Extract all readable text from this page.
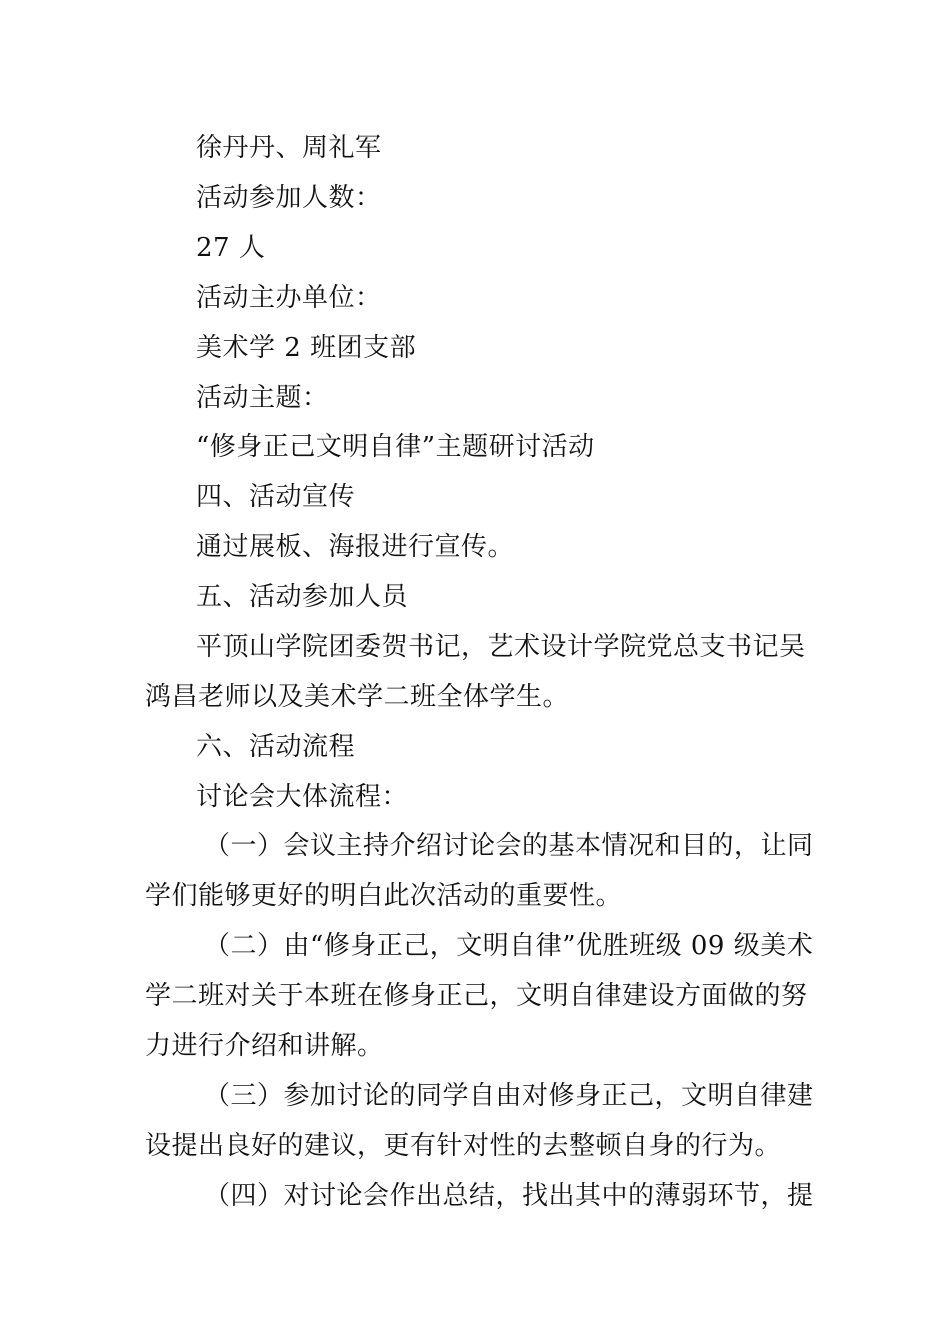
徐丹丹、周礼军
活动参加人数：
27 人
活动主办单位：
美术学 2 班团支部
活动主题：
“修身正己文明自律”主题研讨活动
四、活动宣传
通过展板、海报进行宣传。
五、活动参加人员
平顶山学院团委贺书记，艺术设计学院党总支书记吴
鸿昌老师以及美术学二班全体学生。
六、活动流程
讨论会大体流程：
（一）会议主持介绍讨论会的基本情况和目的，让同
学们能够更好的明白此次活动的重要性。
（二）由“修身正己，文明自律”优胜班级 09 级美术
学二班对关于本班在修身正己，文明自律建设方面做的努
力进行介绍和讲解。
（三）参加讨论的同学自由对修身正己，文明自律建
设提出良好的建议，更有针对性的去整顿自身的行为。
（四）对讨论会作出总结，找出其中的薄弱环节，提
